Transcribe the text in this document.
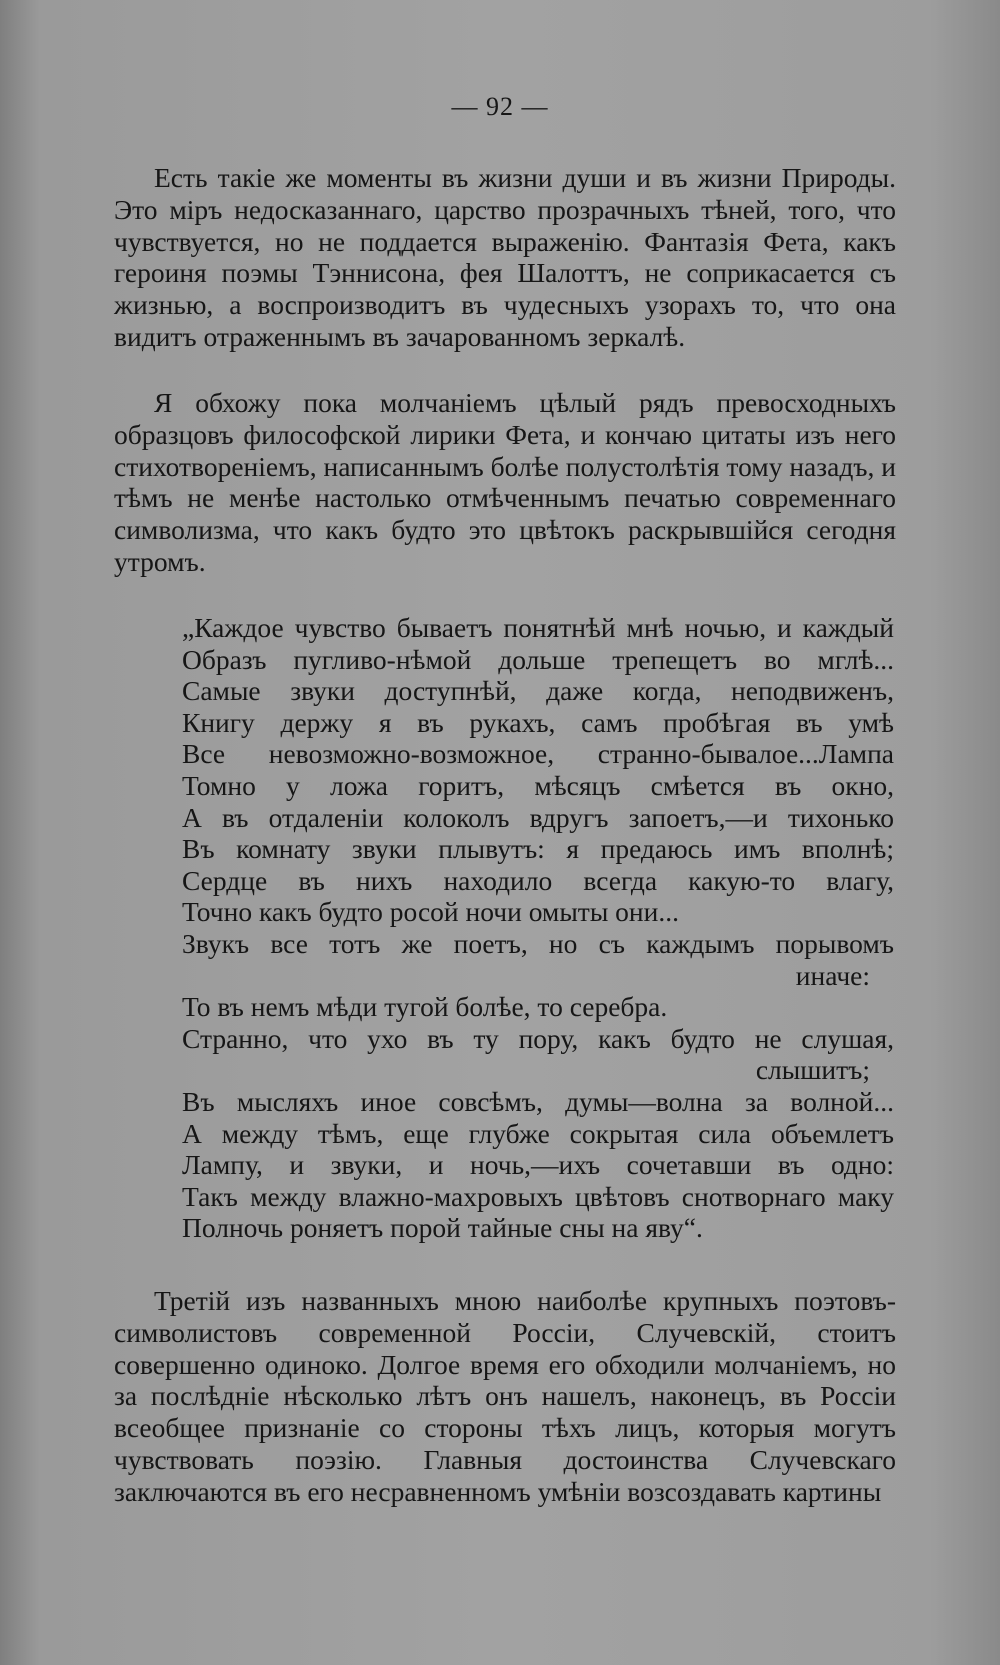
— 92 —

Есть такіе же моменты въ жизни души и въ жизни Природы. Это міръ недосказаннаго, царство прозрачныхъ тѣней, того, что чувствуется, но не поддается выраженію. Фантазія Фета, какъ героиня поэмы Тэннисона, фея Шалоттъ, не соприкасается съ жизнью, а воспроизводитъ въ чудесныхъ узорахъ то, что она видитъ отраженнымъ въ зачарованномъ зеркалѣ.

Я обхожу пока молчаніемъ цѣлый рядъ превосходныхъ образцовъ философской лирики Фета, и кончаю цитаты изъ него стихотвореніемъ, написаннымъ болѣе полустолѣтія тому назадъ, и тѣмъ не менѣе настолько отмѣченнымъ печатью современнаго символизма, что какъ будто это цвѣтокъ раскрывшійся сегодня утромъ.

„Каждое чувство бываетъ понятнѣй мнѣ ночью, и каждый
Образъ пугливо-нѣмой дольше трепещетъ во мглѣ...
Самые звуки доступнѣй, даже когда, неподвиженъ,
Книгу держу я въ рукахъ, самъ пробѣгая въ умѣ
Все невозможно-возможное, странно-бывалое...Лампа
Томно у ложа горитъ, мѣсяцъ смѣется въ окно,
А въ отдаленіи колоколъ вдругъ запоетъ,—и тихонько
Въ комнату звуки плывутъ: я предаюсь имъ вполнѣ;
Сердце въ нихъ находило всегда какую-то влагу,
Точно какъ будто росой ночи омыты они...
Звукъ все тотъ же поетъ, но съ каждымъ порывомъ
иначе:
То въ немъ мѣди тугой болѣе, то серебра.
Странно, что ухо въ ту пору, какъ будто не слушая,
слышитъ;
Въ мысляхъ иное совсѣмъ, думы—волна за волной...
А между тѣмъ, еще глубже сокрытая сила объемлетъ
Лампу, и звуки, и ночь,—ихъ сочетавши въ одно:
Такъ между влажно-махровыхъ цвѣтовъ снотворнаго маку
Полночь роняетъ порой тайные сны на яву“.

Третій изъ названныхъ мною наиболѣе крупныхъ поэтовъ-символистовъ современной Россіи, Случевскій, стоитъ совершенно одиноко. Долгое время его обходили молчаніемъ, но за послѣдніе нѣсколько лѣтъ онъ нашелъ, наконецъ, въ Россіи всеобщее признаніе со стороны тѣхъ лицъ, которыя могутъ чувствовать поэзію. Главныя достоинства Случевскаго заключаются въ его несравненномъ умѣніи возсоздавать картины
